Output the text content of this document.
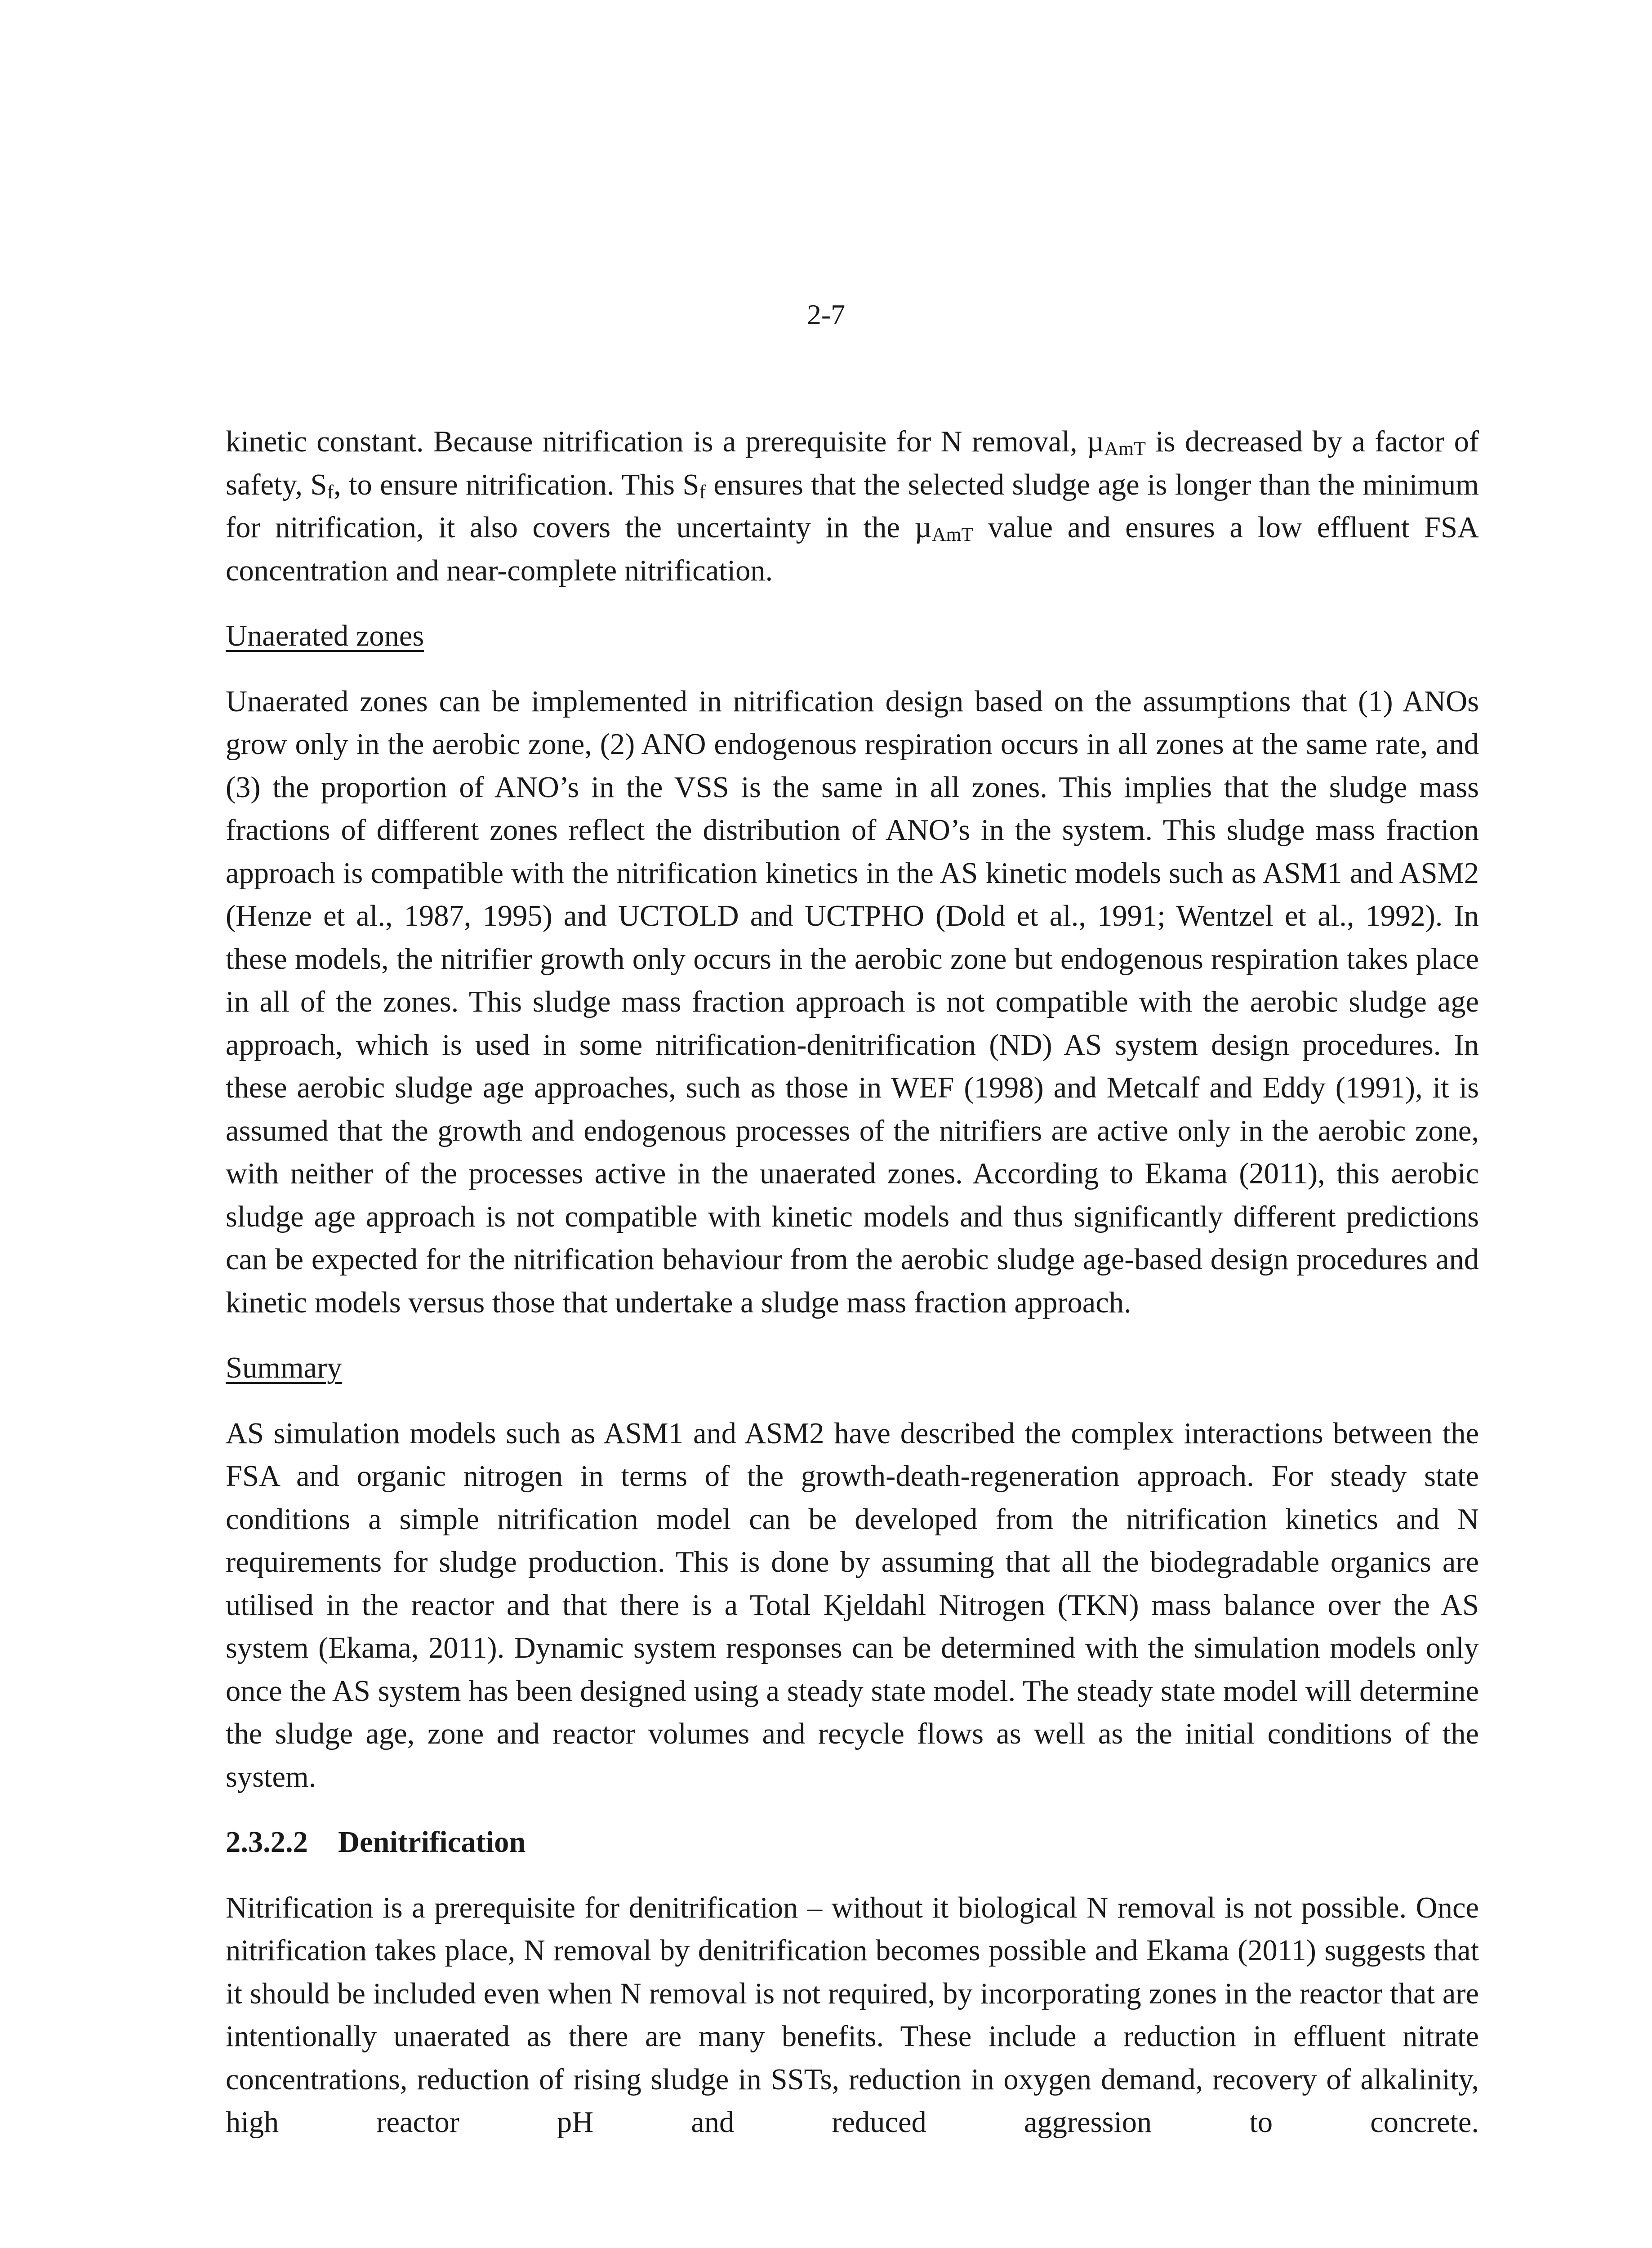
2-7

kinetic constant. Because nitrification is a prerequisite for N removal, µAmT is decreased by a factor of safety, Sf, to ensure nitrification. This Sf ensures that the selected sludge age is longer than the minimum for nitrification, it also covers the uncertainty in the µAmT value and ensures a low effluent FSA concentration and near-complete nitrification.

Unaerated zones

Unaerated zones can be implemented in nitrification design based on the assumptions that (1) ANOs grow only in the aerobic zone, (2) ANO endogenous respiration occurs in all zones at the same rate, and (3) the proportion of ANO’s in the VSS is the same in all zones. This implies that the sludge mass fractions of different zones reflect the distribution of ANO’s in the system. This sludge mass fraction approach is compatible with the nitrification kinetics in the AS kinetic models such as ASM1 and ASM2 (Henze et al., 1987, 1995) and UCTOLD and UCTPHO (Dold et al., 1991; Wentzel et al., 1992). In these models, the nitrifier growth only occurs in the aerobic zone but endogenous respiration takes place in all of the zones. This sludge mass fraction approach is not compatible with the aerobic sludge age approach, which is used in some nitrification-denitrification (ND) AS system design procedures. In these aerobic sludge age approaches, such as those in WEF (1998) and Metcalf and Eddy (1991), it is assumed that the growth and endogenous processes of the nitrifiers are active only in the aerobic zone, with neither of the processes active in the unaerated zones. According to Ekama (2011), this aerobic sludge age approach is not compatible with kinetic models and thus significantly different predictions can be expected for the nitrification behaviour from the aerobic sludge age-based design procedures and kinetic models versus those that undertake a sludge mass fraction approach.

Summary

AS simulation models such as ASM1 and ASM2 have described the complex interactions between the FSA and organic nitrogen in terms of the growth-death-regeneration approach. For steady state conditions a simple nitrification model can be developed from the nitrification kinetics and N requirements for sludge production. This is done by assuming that all the biodegradable organics are utilised in the reactor and that there is a Total Kjeldahl Nitrogen (TKN) mass balance over the AS system (Ekama, 2011). Dynamic system responses can be determined with the simulation models only once the AS system has been designed using a steady state model. The steady state model will determine the sludge age, zone and reactor volumes and recycle flows as well as the initial conditions of the system.

2.3.2.2 Denitrification

Nitrification is a prerequisite for denitrification – without it biological N removal is not possible. Once nitrification takes place, N removal by denitrification becomes possible and Ekama (2011) suggests that it should be included even when N removal is not required, by incorporating zones in the reactor that are intentionally unaerated as there are many benefits. These include a reduction in effluent nitrate concentrations, reduction of rising sludge in SSTs, reduction in oxygen demand, recovery of alkalinity, high reactor pH and reduced aggression to concrete.
